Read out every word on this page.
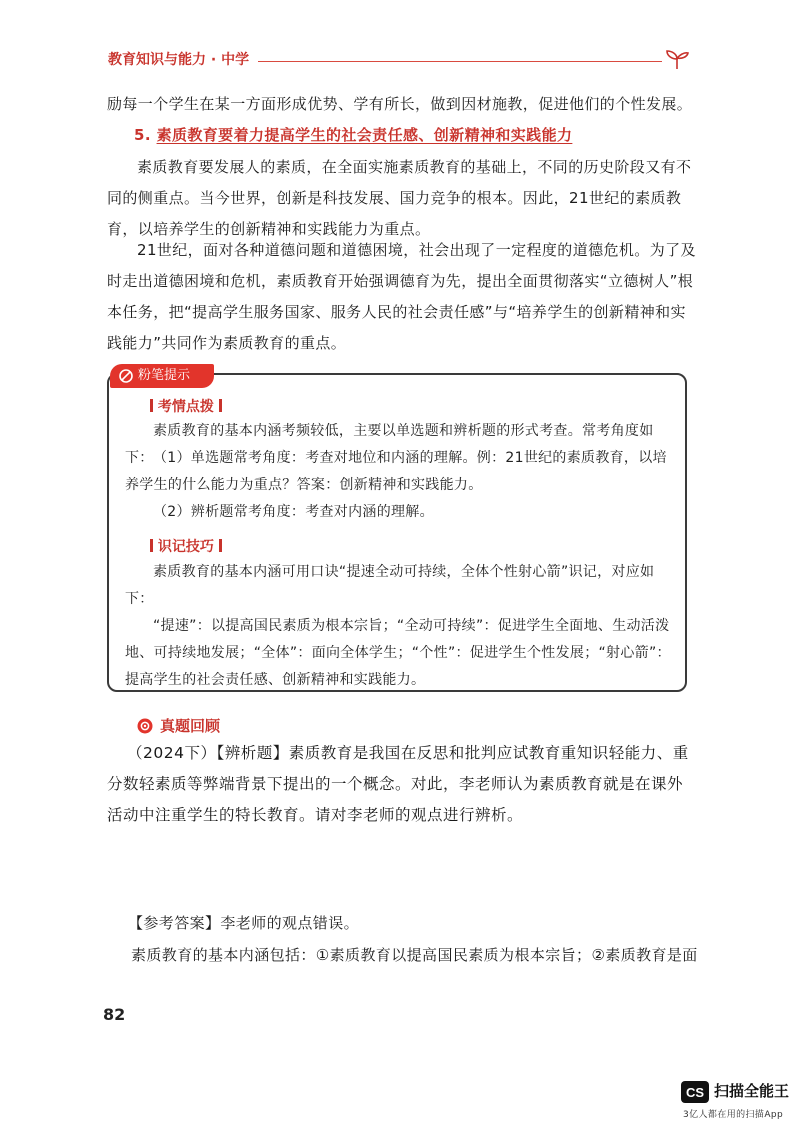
教育知识与能力 · 中学
励每一个学生在某一方面形成优势、学有所长，做到因材施教，促进他们的个性发展。
5. 素质教育要着力提高学生的社会责任感、创新精神和实践能力
素质教育要发展人的素质，在全面实施素质教育的基础上，不同的历史阶段又有不同的侧重点。当今世界，创新是科技发展、国力竞争的根本。因此，21世纪的素质教育，以培养学生的创新精神和实践能力为重点。
21世纪，面对各种道德问题和道德困境，社会出现了一定程度的道德危机。为了及时走出道德困境和危机，素质教育开始强调德育为先，提出全面贯彻落实“立德树人”根本任务，把“提高学生服务国家、服务人民的社会责任感”与“培养学生的创新精神和实践能力”共同作为素质教育的重点。
粉笔提示
考情点拨
素质教育的基本内涵考频较低，主要以单选题和辨析题的形式考查。常考角度如下： （1）单选题常考角度：考查对地位和内涵的理解。例：21世纪的素质教育，以培养学生的什么能力为重点？答案：创新精神和实践能力。
（2）辨析题常考角度：考查对内涵的理解。
识记技巧
素质教育的基本内涵可用口诀“提速全动可持续，全体个性射心箭”识记，对应如下：
“提速”：以提高国民素质为根本宗旨；“全动可持续”：促进学生全面地、生动活泼地、可持续地发展；“全体”：面向全体学生；“个性”：促进学生个性发展；“射心箭”：提高学生的社会责任感、创新精神和实践能力。
真题回顾
（2024下）【辨析题】素质教育是我国在反思和批判应试教育重知识轻能力、重分数轻素质等弊端背景下提出的一个概念。对此，李老师认为素质教育就是在课外活动中注重学生的特长教育。请对李老师的观点进行辨析。
【参考答案】李老师的观点错误。
素质教育的基本内涵包括：①素质教育以提高国民素质为根本宗旨；②素质教育是面
82
CS 扫描全能王
3亿人都在用的扫描App
